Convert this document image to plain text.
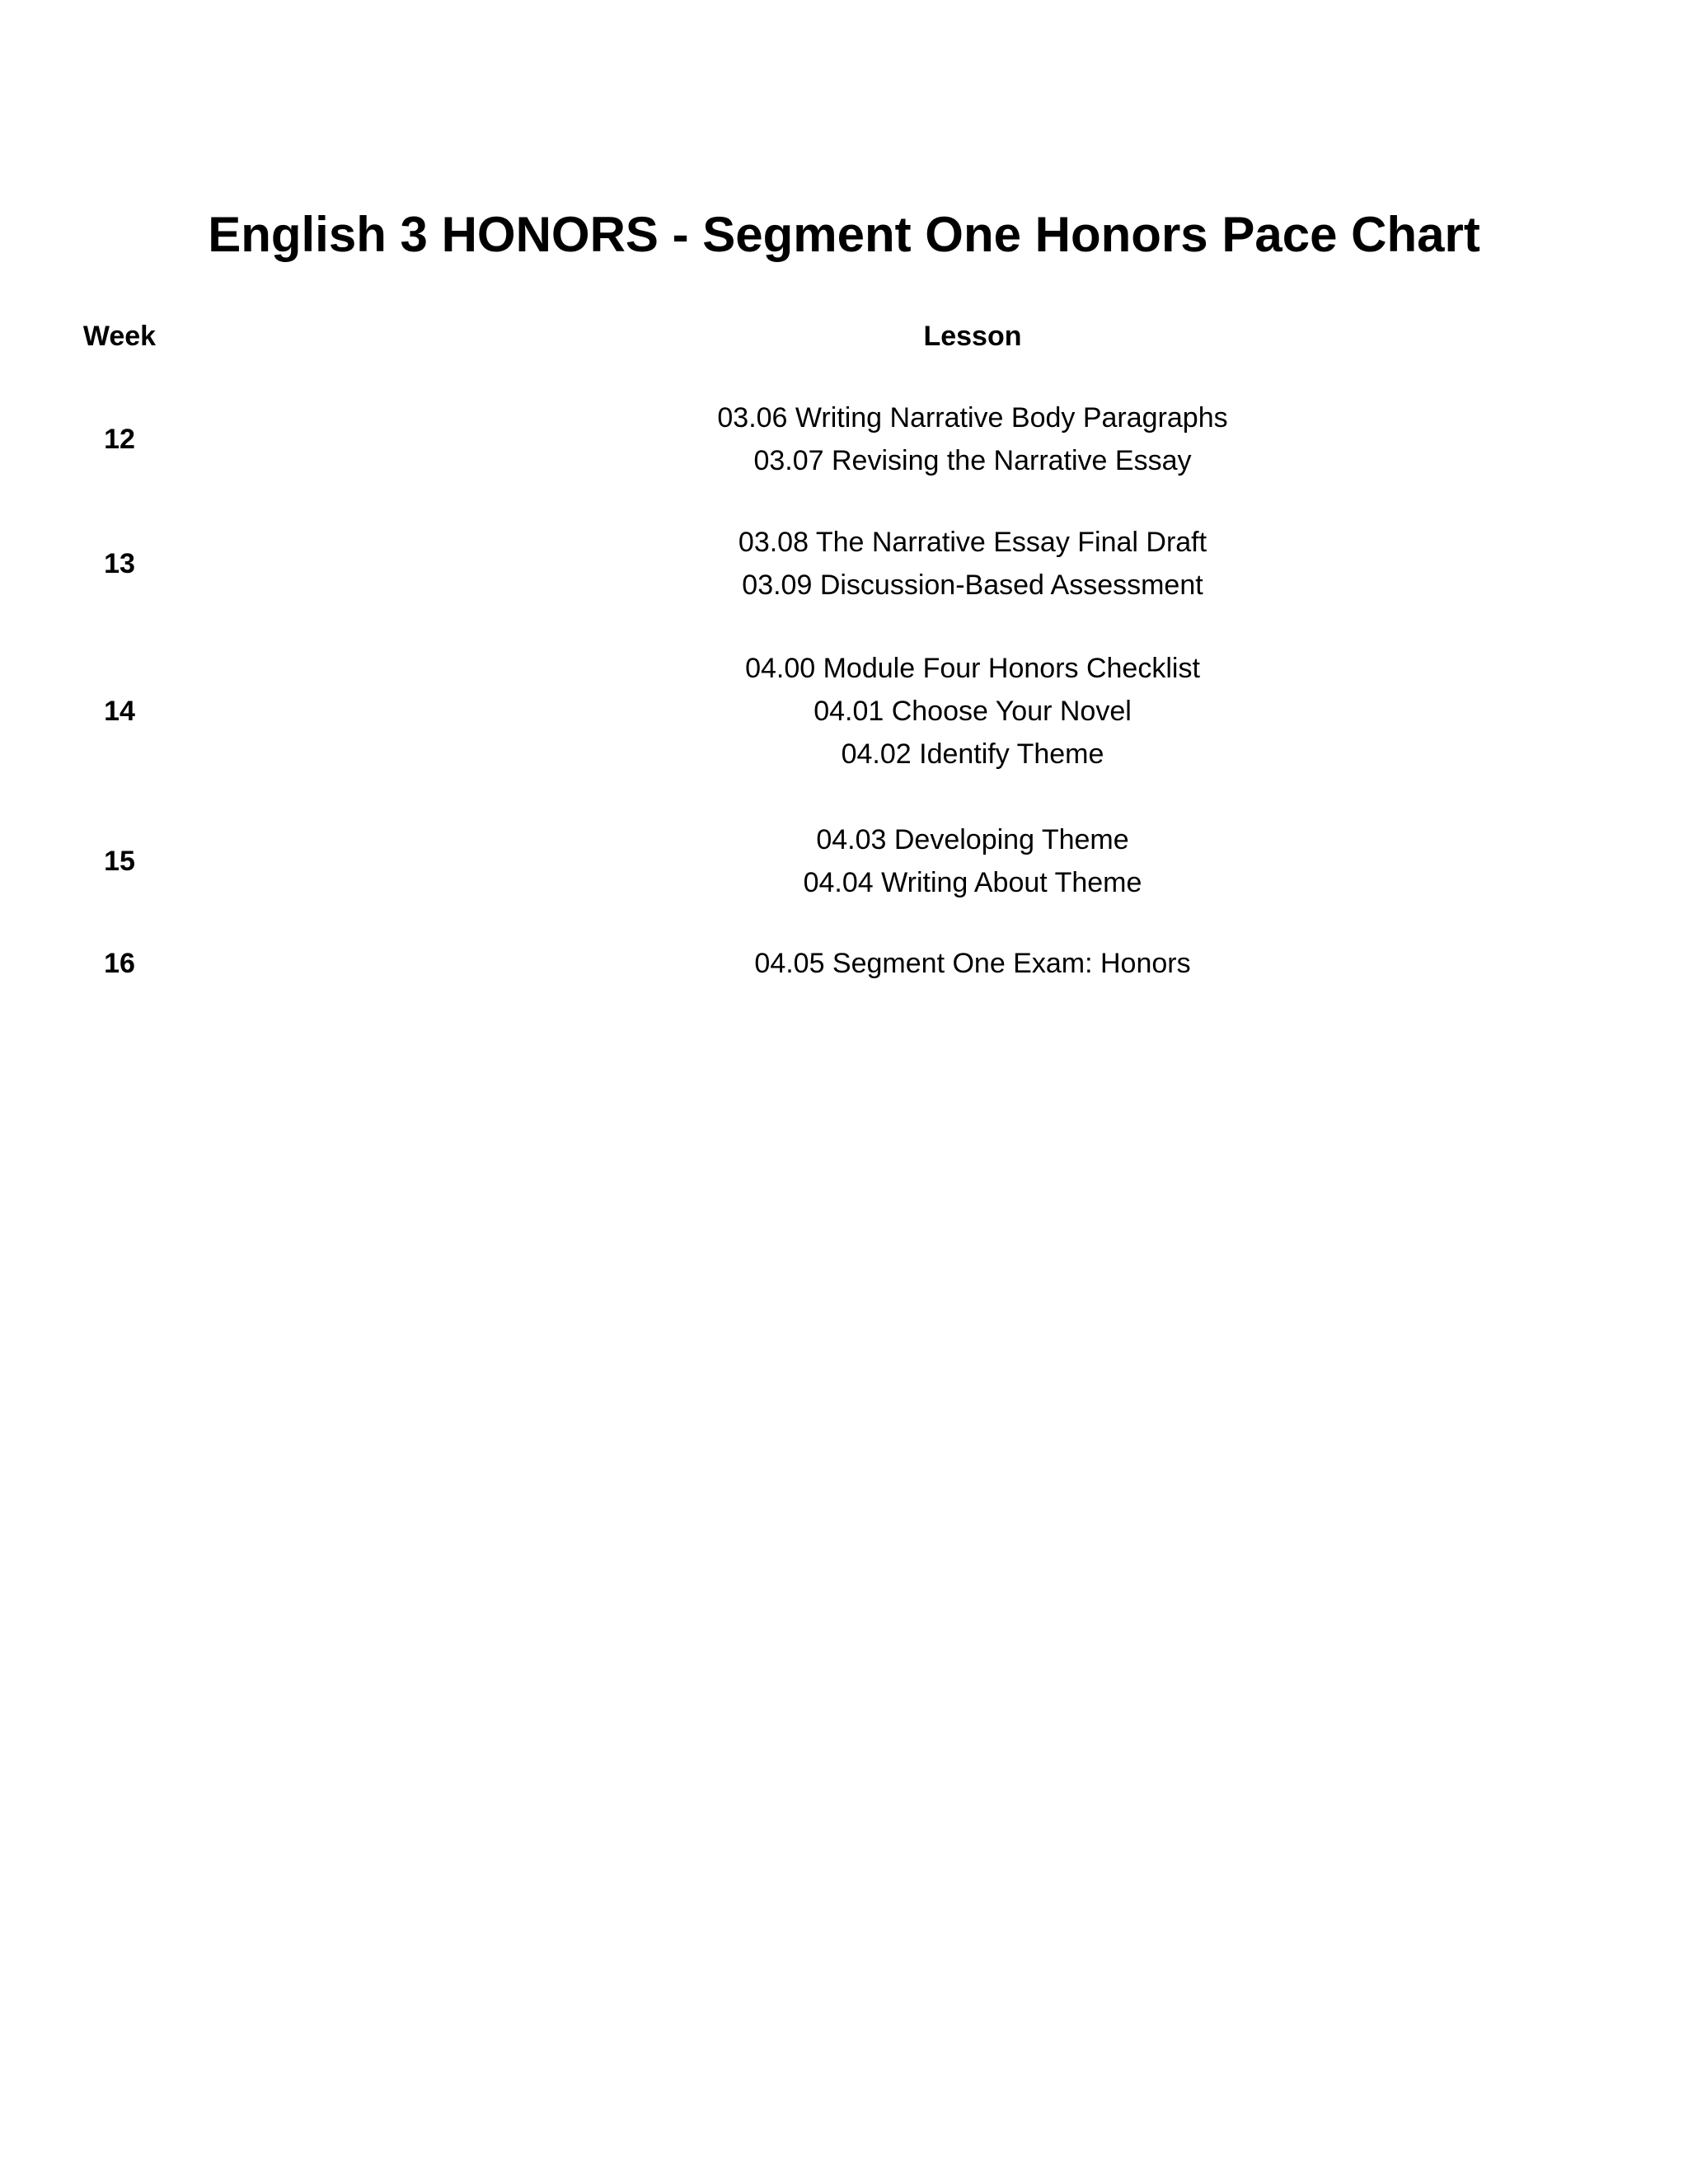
English 3 HONORS - Segment One Honors Pace Chart
Week	Lesson
12
03.06 Writing Narrative Body Paragraphs
03.07 Revising the Narrative Essay
13
03.08 The Narrative Essay Final Draft
03.09 Discussion-Based Assessment
14
04.00 Module Four Honors Checklist
04.01 Choose Your Novel
04.02 Identify Theme
15
04.03 Developing Theme
04.04 Writing About Theme
16	04.05 Segment One Exam: Honors
